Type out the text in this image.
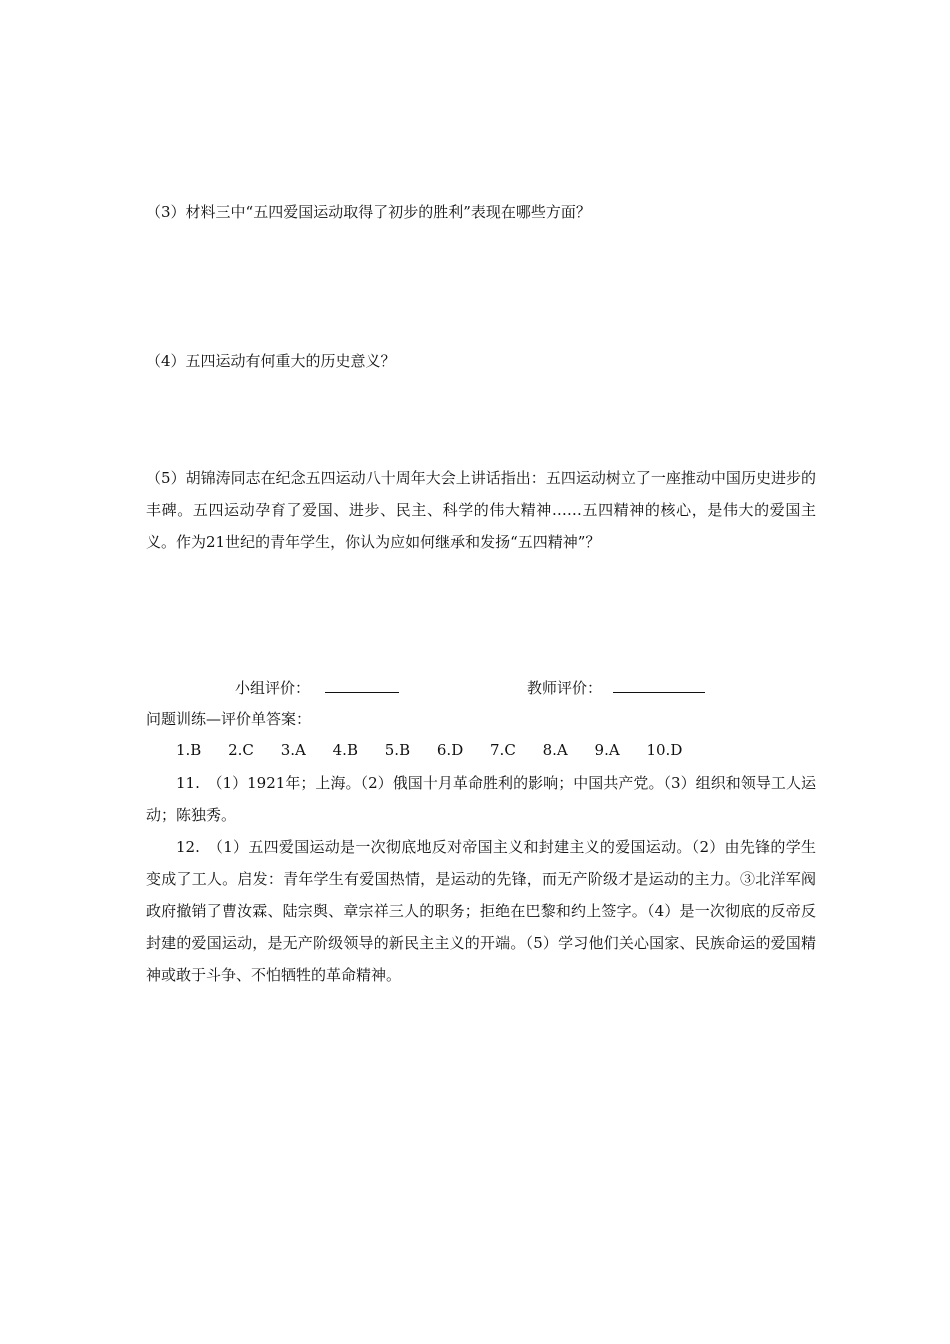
（3）材料三中“五四爱国运动取得了初步的胜利”表现在哪些方面？
（4）五四运动有何重大的历史意义？
（5）胡锦涛同志在纪念五四运动八十周年大会上讲话指出：五四运动树立了一座推动中国历史进步的丰碑。五四运动孕育了爱国、进步、民主、科学的伟大精神……五四精神的核心，是伟大的爱国主义。作为21世纪的青年学生，你认为应如何继承和发扬“五四精神”？
小组评价：	教师评价：
问题训练—评价单答案：
1.B 2.C 3.A 4.B 5.B 6.D 7.C 8.A 9.A 10.D
11.　（1）1921年；上海。（2）俄国十月革命胜利的影响；中国共产党。（3）组织和领导工人运动；陈独秀。
12.　（1）五四爱国运动是一次彻底地反对帝国主义和封建主义的爱国运动。（2）由先锋的学生变成了工人。启发：青年学生有爱国热情，是运动的先锋，而无产阶级才是运动的主力。③北洋军阀政府撤销了曹汝霖、陆宗舆、章宗祥三人的职务；拒绝在巴黎和约上签字。（4）是一次彻底的反帝反封建的爱国运动，是无产阶级领导的新民主主义的开端。（5）学习他们关心国家、民族命运的爱国精神或敢于斗争、不怕牺牲的革命精神。
